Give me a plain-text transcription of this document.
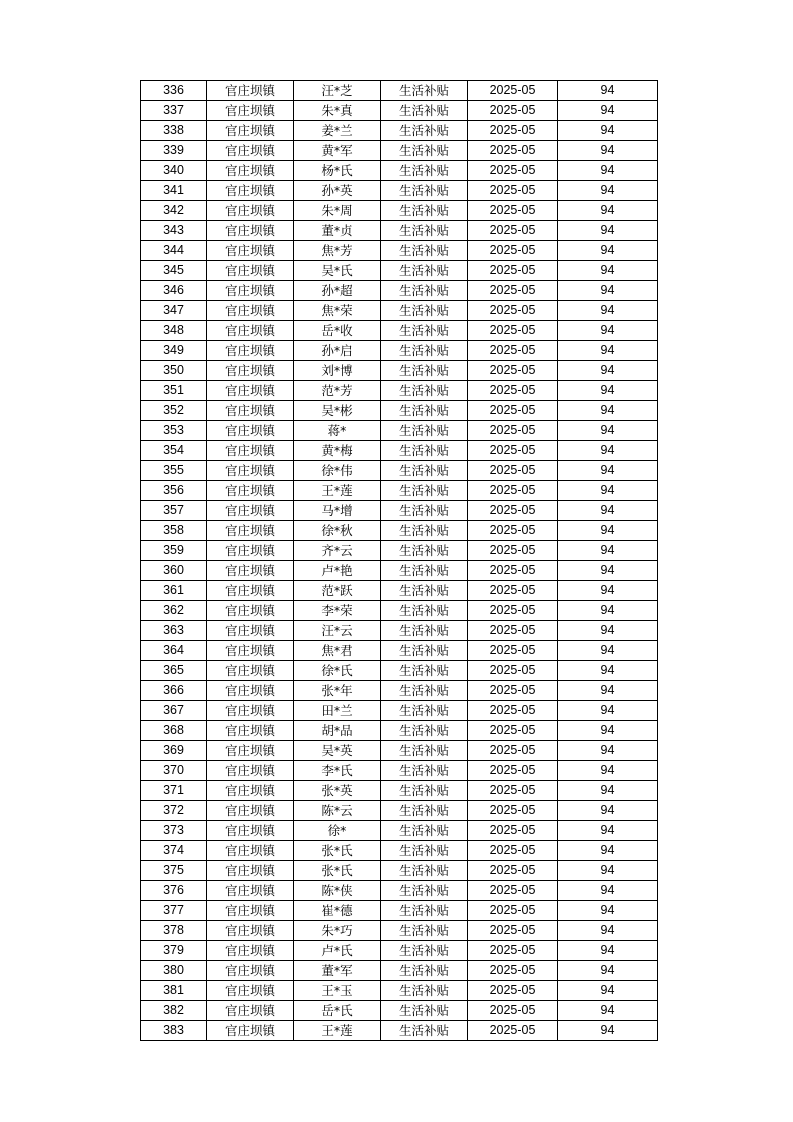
336	官庄坝镇	汪*芝	生活补贴	2025-05	94
337	官庄坝镇	朱*真	生活补贴	2025-05	94
338	官庄坝镇	姜*兰	生活补贴	2025-05	94
339	官庄坝镇	黄*军	生活补贴	2025-05	94
340	官庄坝镇	杨*氏	生活补贴	2025-05	94
341	官庄坝镇	孙*英	生活补贴	2025-05	94
342	官庄坝镇	朱*周	生活补贴	2025-05	94
343	官庄坝镇	董*贞	生活补贴	2025-05	94
344	官庄坝镇	焦*芳	生活补贴	2025-05	94
345	官庄坝镇	吴*氏	生活补贴	2025-05	94
346	官庄坝镇	孙*超	生活补贴	2025-05	94
347	官庄坝镇	焦*荣	生活补贴	2025-05	94
348	官庄坝镇	岳*收	生活补贴	2025-05	94
349	官庄坝镇	孙*启	生活补贴	2025-05	94
350	官庄坝镇	刘*博	生活补贴	2025-05	94
351	官庄坝镇	范*芳	生活补贴	2025-05	94
352	官庄坝镇	吴*彬	生活补贴	2025-05	94
353	官庄坝镇	蒋*	生活补贴	2025-05	94
354	官庄坝镇	黄*梅	生活补贴	2025-05	94
355	官庄坝镇	徐*伟	生活补贴	2025-05	94
356	官庄坝镇	王*莲	生活补贴	2025-05	94
357	官庄坝镇	马*增	生活补贴	2025-05	94
358	官庄坝镇	徐*秋	生活补贴	2025-05	94
359	官庄坝镇	齐*云	生活补贴	2025-05	94
360	官庄坝镇	卢*艳	生活补贴	2025-05	94
361	官庄坝镇	范*跃	生活补贴	2025-05	94
362	官庄坝镇	李*荣	生活补贴	2025-05	94
363	官庄坝镇	汪*云	生活补贴	2025-05	94
364	官庄坝镇	焦*君	生活补贴	2025-05	94
365	官庄坝镇	徐*氏	生活补贴	2025-05	94
366	官庄坝镇	张*年	生活补贴	2025-05	94
367	官庄坝镇	田*兰	生活补贴	2025-05	94
368	官庄坝镇	胡*品	生活补贴	2025-05	94
369	官庄坝镇	吴*英	生活补贴	2025-05	94
370	官庄坝镇	李*氏	生活补贴	2025-05	94
371	官庄坝镇	张*英	生活补贴	2025-05	94
372	官庄坝镇	陈*云	生活补贴	2025-05	94
373	官庄坝镇	徐*	生活补贴	2025-05	94
374	官庄坝镇	张*氏	生活补贴	2025-05	94
375	官庄坝镇	张*氏	生活补贴	2025-05	94
376	官庄坝镇	陈*侠	生活补贴	2025-05	94
377	官庄坝镇	崔*德	生活补贴	2025-05	94
378	官庄坝镇	朱*巧	生活补贴	2025-05	94
379	官庄坝镇	卢*氏	生活补贴	2025-05	94
380	官庄坝镇	董*军	生活补贴	2025-05	94
381	官庄坝镇	王*玉	生活补贴	2025-05	94
382	官庄坝镇	岳*氏	生活补贴	2025-05	94
383	官庄坝镇	王*莲	生活补贴	2025-05	94
